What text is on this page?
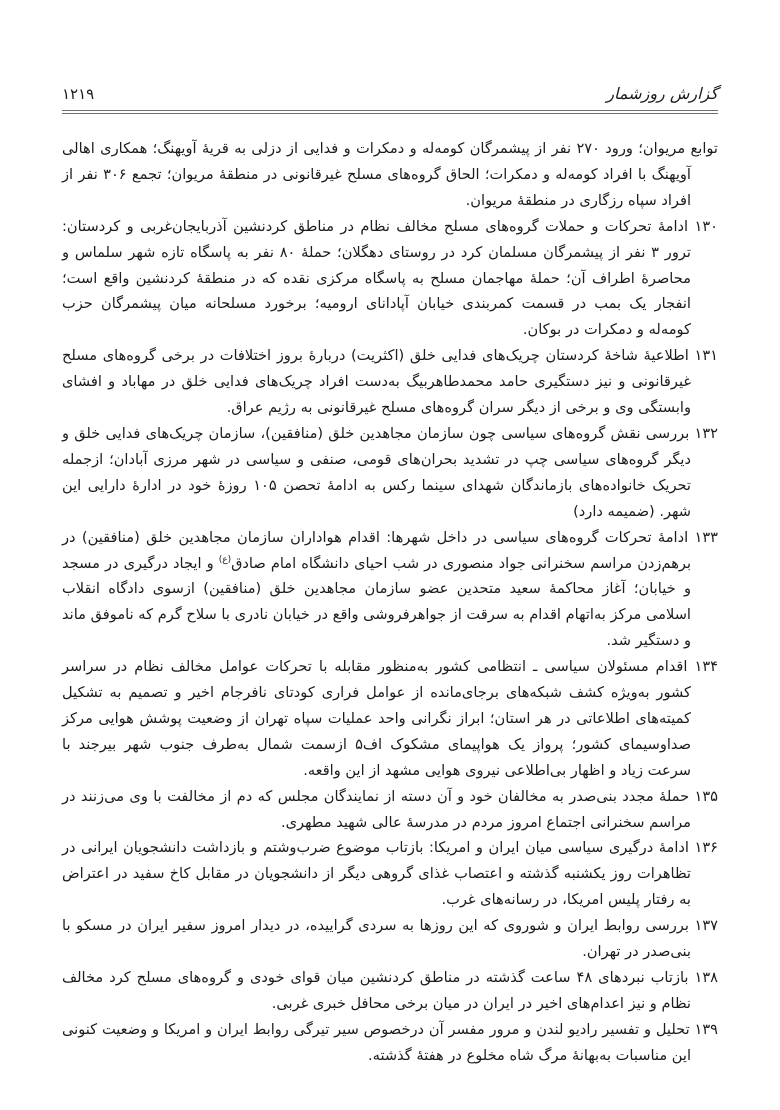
گزارش روزشمار
۱۲۱۹

توابع مریوان؛ ورود ۲۷۰ نفر از پیشمرگان کومه‌له و دمکرات و فدایی از دزلی به قریهٔ آویهنگ؛ همکاری اهالی آویهنگ با افراد کومه‌له و دمکرات؛ الحاق گروه‌های مسلح غیرقانونی در منطقهٔ مریوان؛ تجمع ۳۰۶ نفر از افراد سپاه رزگاری در منطقهٔ مریوان.

۱۳۰ ادامهٔ تحرکات و حملات گروه‌های مسلح مخالف نظام در مناطق کردنشین آذربایجان‌غربی و کردستان: ترور ۳ نفر از پیشمرگان مسلمان کرد در روستای دهگلان؛ حملهٔ ۸۰ نفر به پاسگاه تازه شهر سلماس و محاصرهٔ اطراف آن؛ حملهٔ مهاجمان مسلح به پاسگاه مرکزی نقده که در منطقهٔ کردنشین واقع است؛ انفجار یک بمب در قسمت کمربندی خیابان آپادانای ارومیه؛ برخورد مسلحانه میان پیشمرگان حزب کومه‌له و دمکرات در بوکان.

۱۳۱ اطلاعیهٔ شاخهٔ کردستان چریک‌های فدایی خلق (اکثریت) دربارهٔ بروز اختلافات در برخی گروه‌های مسلح غیرقانونی و نیز دستگیری حامد محمدطاهربیگ به‌دست افراد چریک‌های فدایی خلق در مهاباد و افشای وابستگی وی و برخی از دیگر سران گروه‌های مسلح غیرقانونی به رژیم عراق.

۱۳۲ بررسی نقش گروه‌های سیاسی چون سازمان مجاهدین خلق (منافقین)، سازمان چریک‌های فدایی خلق و دیگر گروه‌های سیاسی چپ در تشدید بحران‌های قومی، صنفی و سیاسی در شهر مرزی آبادان؛ ازجمله تحریک خانواده‌های بازماندگان شهدای سینما رکس به ادامهٔ تحصن ۱۰۵ روزهٔ خود در ادارهٔ دارایی این شهر. (ضمیمه دارد)

۱۳۳ ادامهٔ تحرکات گروه‌های سیاسی در داخل شهرها: اقدام هواداران سازمان مجاهدین خلق (منافقین) در برهم‌زدن مراسم سخنرانی جواد منصوری در شب احیای دانشگاه امام صادق$^{(ع)}$ و ایجاد درگیری در مسجد و خیابان؛ آغاز محاکمهٔ سعید متحدین عضو سازمان مجاهدین خلق (منافقین) ازسوی دادگاه انقلاب اسلامی مرکز به‌اتهام اقدام به سرقت از جواهرفروشی واقع در خیابان نادری با سلاح گرم که ناموفق ماند و دستگیر شد.

۱۳۴ اقدام مسئولان سیاسی ـ انتظامی کشور به‌منظور مقابله با تحرکات عوامل مخالف نظام در سراسر کشور به‌ویژه کشف شبکه‌های برجای‌مانده از عوامل فراری کودتای نافرجام اخیر و تصمیم به تشکیل کمیته‌های اطلاعاتی در هر استان؛ ابراز نگرانی واحد عملیات سپاه تهران از وضعیت پوشش هوایی مرکز صداوسیمای کشور؛ پرواز یک هواپیمای مشکوک اف۵ ازسمت شمال به‌طرف جنوب شهر بیرجند با سرعت زیاد و اظهار بی‌اطلاعی نیروی هوایی مشهد از این واقعه.

۱۳۵ حملهٔ مجدد بنی‌صدر به مخالفان خود و آن دسته از نمایندگان مجلس که دم از مخالفت با وی می‌زنند در مراسم سخنرانی اجتماع امروز مردم در مدرسهٔ عالی شهید مطهری.

۱۳۶ ادامهٔ درگیری سیاسی میان ایران و امریکا: بازتاب موضوع ضرب‌وشتم و بازداشت دانشجویان ایرانی در تظاهرات روز یکشنبه گذشته و اعتصاب غذای گروهی دیگر از دانشجویان در مقابل کاخ سفید در اعتراض به رفتار پلیس امریکا، در رسانه‌های غرب.

۱۳۷ بررسی روابط ایران و شوروی که این روزها به سردی گراییده، در دیدار امروز سفیر ایران در مسکو با بنی‌صدر در تهران.

۱۳۸ بازتاب نبردهای ۴۸ ساعت گذشته در مناطق کردنشین میان قوای خودی و گروه‌های مسلح کرد مخالف نظام و نیز اعدام‌های اخیر در ایران در میان برخی محافل خبری غربی.

۱۳۹ تحلیل و تفسیر رادیو لندن و مرور مفسر آن درخصوص سیر تیرگی روابط ایران و امریکا و وضعیت کنونی این مناسبات به‌بهانهٔ مرگ شاه مخلوع در هفتهٔ گذشته.
